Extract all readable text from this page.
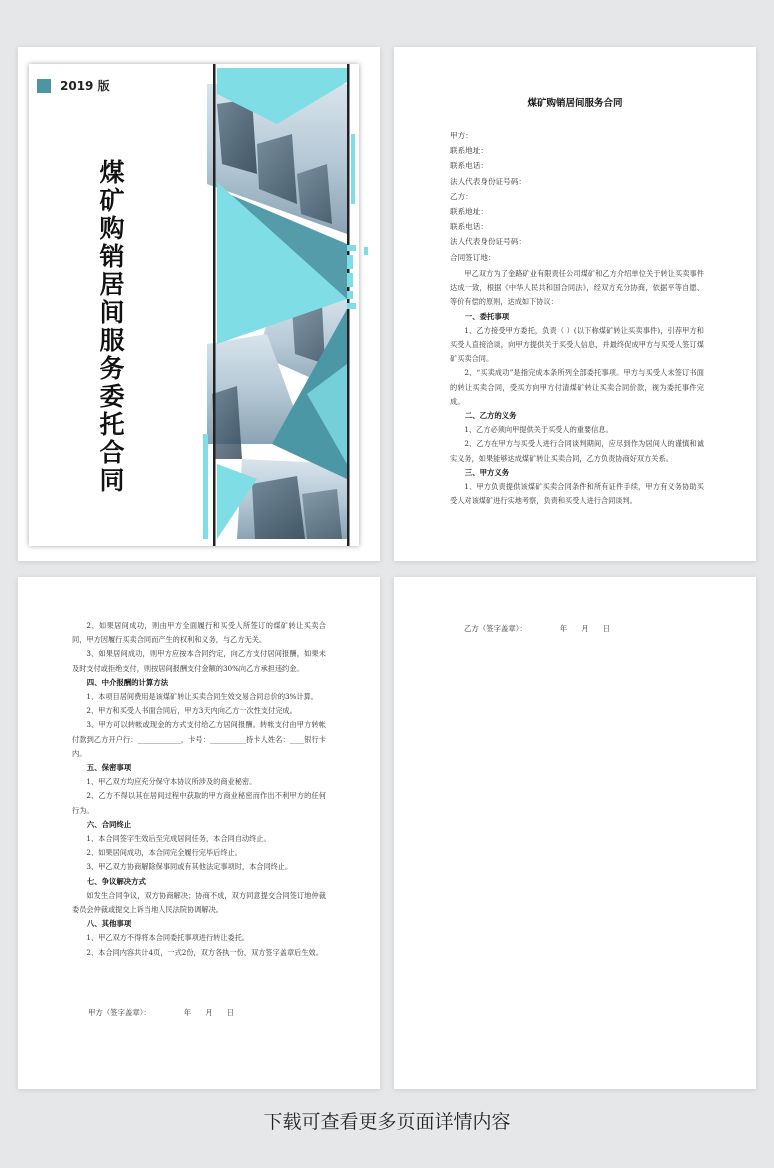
2019 版
煤矿购销居间服务委托合同
煤矿购销居间服务合同
甲方：
联系地址：
联系电话：
法人代表身份证号码：
乙方：
联系地址：
联系电话：
法人代表身份证号码：
合同签订地：

甲乙双方为了金路矿业有限责任公司煤矿和乙方介绍单位关于转让买卖事件达成一致，根据《中华人民共和国合同法》，经双方充分协商，依据平等自愿、等价有偿的原则，达成如下协议：

一、委托事项

1、乙方接受甲方委托，负责（ ）(以下称煤矿转让买卖事件)，引荐甲方和买受人直接洽谈，向甲方提供关于买受人信息，并最终促成甲方与买受人签订煤矿买卖合同。

2、“买卖成功”是指完成本条所列全部委托事项。甲方与买受人未签订书面的转让买卖合同，受买方向甲方付清煤矿转让买卖合同价款，视为委托事件完成。

二、乙方的义务

1、乙方必须向甲提供关于买受人的重要信息。

2、乙方在甲方与买受人进行合同谈判期间，应尽到作为居间人的谨慎和诚实义务，如果能够达成煤矿转让买卖合同，乙方负责协商好双方关系。

三、甲方义务

1、甲方负责提供该煤矿买卖合同条件和所有证件手续，甲方有义务协助买受人对该煤矿进行实地考察，负责和买受人进行合同谈判。

2、如果居间成功，则由甲方全面履行和买受人所签订的煤矿转让买卖合同，甲方因履行买卖合同而产生的权利和义务，与乙方无关。

3、如果居间成功，则甲方应按本合同约定，向乙方支付居间报酬，如果未及时支付或拒绝支付，则按居间报酬支付金额的30%向乙方承担违约金。

四、中介报酬的计算方法

1、本项目居间费用是该煤矿转让买卖合同生效交易合同总价的3%计算。

2、甲方和买受人书面合同后，甲方3天内向乙方一次性支付完成。

3、甲方可以转帐或现金的方式支付给乙方居间报酬。转帐支付由甲方转帐付款到乙方开户行：____________，卡号：__________持卡人姓名：____银行卡内。

五、保密事项

1、甲乙双方均应充分保守本协议所涉及的商业秘密。

2、乙方不得以其在居间过程中获取的甲方商业秘密而作出不利甲方的任何行为。

六、合同终止

1、本合同签字生效后至完成居间任务，本合同自动终止。

2、如果居间成功，本合同完全履行完毕后终止。

3、甲乙双方协商解除保事同或有其他法定事项时，本合同终止。

七、争议解决方式

如发生合同争议，双方协商解决；协商不成，双方同意提交合同签订地仲裁委员会仲裁或提交上诉当地人民法院协调解决。

八、其他事项

1、甲乙双方不得将本合同委托事项进行转让委托。

2、本合同内容共计4页，一式2份，双方各执一份，双方签字盖章后生效。

甲方（签字盖章）：              年      月      日
乙方（签字盖章）：              年      月      日
下载可查看更多页面详情内容
